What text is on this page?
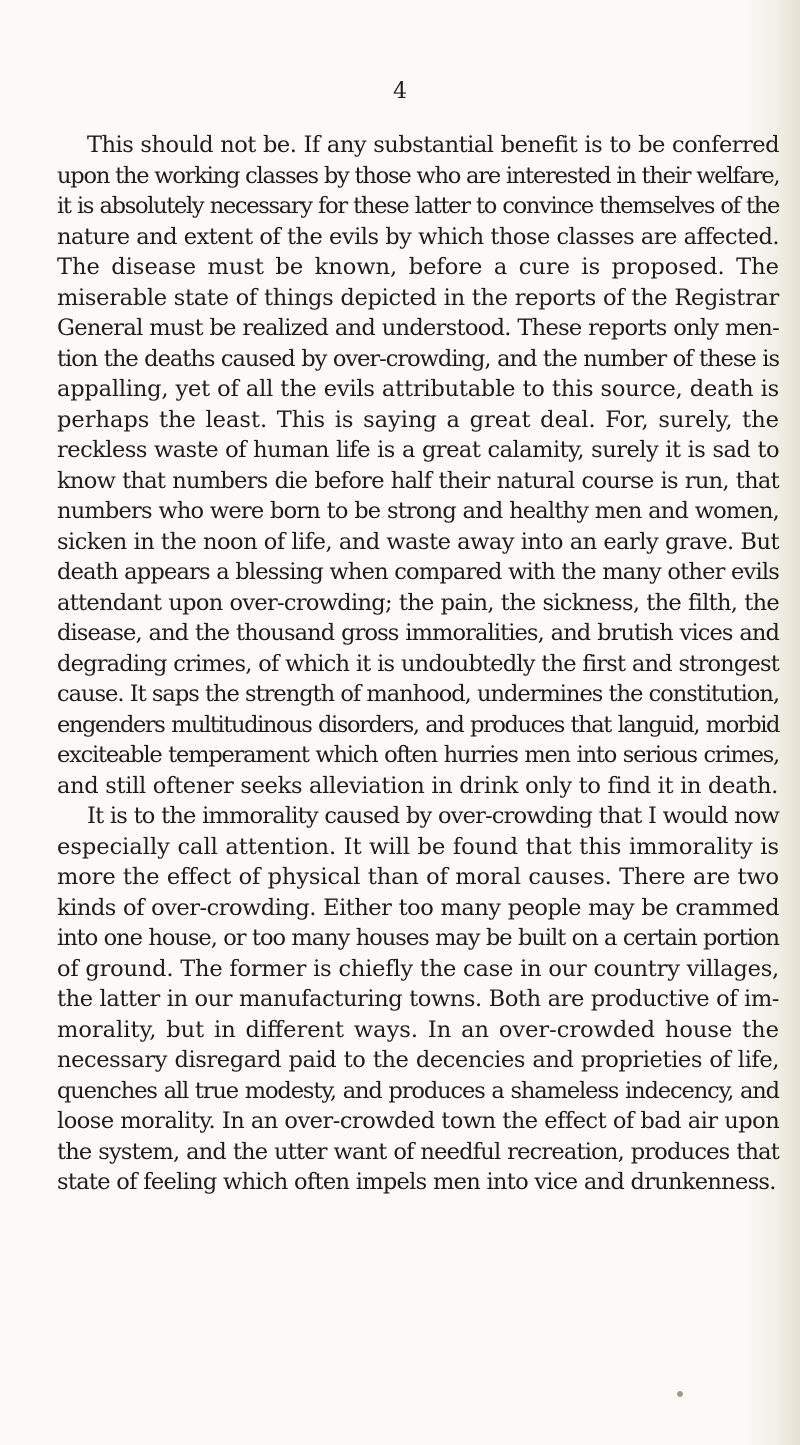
4
This should not be. If any substantial benefit is to be conferred
upon the working classes by those who are interested in their welfare,
it is absolutely necessary for these latter to convince themselves of the
nature and extent of the evils by which those classes are affected.
The disease must be known, before a cure is proposed. The
miserable state of things depicted in the reports of the Registrar
General must be realized and understood. These reports only men-
tion the deaths caused by over-crowding, and the number of these is
appalling, yet of all the evils attributable to this source, death is
perhaps the least. This is saying a great deal. For, surely, the
reckless waste of human life is a great calamity, surely it is sad to
know that numbers die before half their natural course is run, that
numbers who were born to be strong and healthy men and women,
sicken in the noon of life, and waste away into an early grave. But
death appears a blessing when compared with the many other evils
attendant upon over-crowding; the pain, the sickness, the filth, the
disease, and the thousand gross immoralities, and brutish vices and
degrading crimes, of which it is undoubtedly the first and strongest
cause. It saps the strength of manhood, undermines the constitution,
engenders multitudinous disorders, and produces that languid, morbid
exciteable temperament which often hurries men into serious crimes,
and still oftener seeks alleviation in drink only to find it in death.
It is to the immorality caused by over-crowding that I would now
especially call attention. It will be found that this immorality is
more the effect of physical than of moral causes. There are two
kinds of over-crowding. Either too many people may be crammed
into one house, or too many houses may be built on a certain portion
of ground. The former is chiefly the case in our country villages,
the latter in our manufacturing towns. Both are productive of im-
morality, but in different ways. In an over-crowded house the
necessary disregard paid to the decencies and proprieties of life,
quenches all true modesty, and produces a shameless indecency, and
loose morality. In an over-crowded town the effect of bad air upon
the system, and the utter want of needful recreation, produces that
state of feeling which often impels men into vice and drunkenness.
